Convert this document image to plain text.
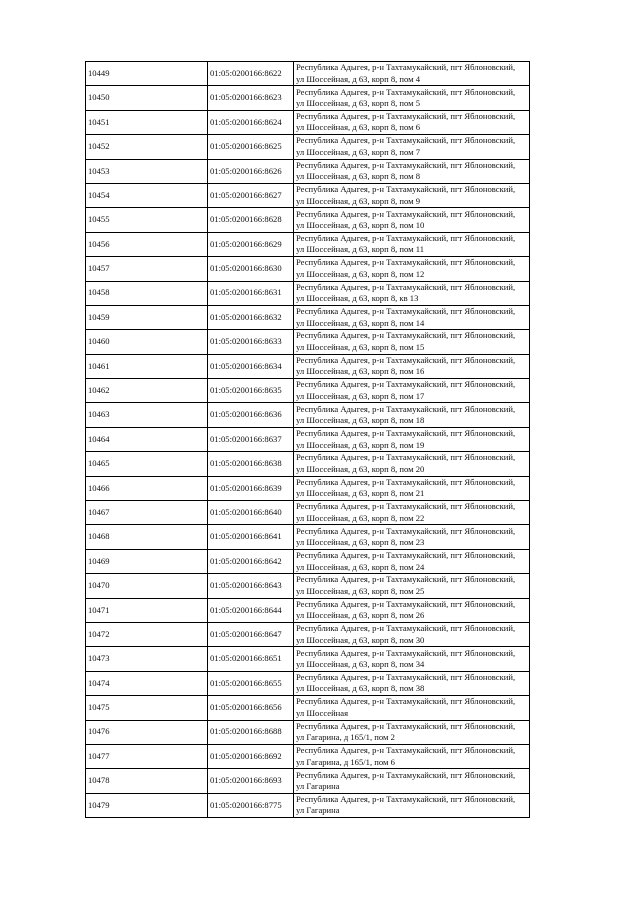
10449	01:05:0200166:8622	Республика Адыгея, р-н Тахтамукайский, пгт Яблоновский,
ул Шоссейная, д 63, корп 8, пом 4

10450	01:05:0200166:8623	Республика Адыгея, р-н Тахтамукайский, пгт Яблоновский,
ул Шоссейная, д 63, корп 8, пом 5

10451	01:05:0200166:8624	Республика Адыгея, р-н Тахтамукайский, пгт Яблоновский,
ул Шоссейная, д 63, корп 8, пом 6

10452	01:05:0200166:8625	Республика Адыгея, р-н Тахтамукайский, пгт Яблоновский,
ул Шоссейная, д 63, корп 8, пом 7

10453	01:05:0200166:8626	Республика Адыгея, р-н Тахтамукайский, пгт Яблоновский,
ул Шоссейная, д 63, корп 8, пом 8

10454	01:05:0200166:8627	Республика Адыгея, р-н Тахтамукайский, пгт Яблоновский,
ул Шоссейная, д 63, корп 8, пом 9

10455	01:05:0200166:8628	Республика Адыгея, р-н Тахтамукайский, пгт Яблоновский,
ул Шоссейная, д 63, корп 8, пом 10

10456	01:05:0200166:8629	Республика Адыгея, р-н Тахтамукайский, пгт Яблоновский,
ул Шоссейная, д 63, корп 8, пом 11

10457	01:05:0200166:8630	Республика Адыгея, р-н Тахтамукайский, пгт Яблоновский,
ул Шоссейная, д 63, корп 8, пом 12

10458	01:05:0200166:8631	Республика Адыгея, р-н Тахтамукайский, пгт Яблоновский,
ул Шоссейная, д 63, корп 8, кв 13

10459	01:05:0200166:8632	Республика Адыгея, р-н Тахтамукайский, пгт Яблоновский,
ул Шоссейная, д 63, корп 8, пом 14

10460	01:05:0200166:8633	Республика Адыгея, р-н Тахтамукайский, пгт Яблоновский,
ул Шоссейная, д 63, корп 8, пом 15

10461	01:05:0200166:8634	Республика Адыгея, р-н Тахтамукайский, пгт Яблоновский,
ул Шоссейная, д 63, корп 8, пом 16

10462	01:05:0200166:8635	Республика Адыгея, р-н Тахтамукайский, пгт Яблоновский,
ул Шоссейная, д 63, корп 8, пом 17

10463	01:05:0200166:8636	Республика Адыгея, р-н Тахтамукайский, пгт Яблоновский,
ул Шоссейная, д 63, корп 8, пом 18

10464	01:05:0200166:8637	Республика Адыгея, р-н Тахтамукайский, пгт Яблоновский,
ул Шоссейная, д 63, корп 8, пом 19

10465	01:05:0200166:8638	Республика Адыгея, р-н Тахтамукайский, пгт Яблоновский,
ул Шоссейная, д 63, корп 8, пом 20

10466	01:05:0200166:8639	Республика Адыгея, р-н Тахтамукайский, пгт Яблоновский,
ул Шоссейная, д 63, корп 8, пом 21

10467	01:05:0200166:8640	Республика Адыгея, р-н Тахтамукайский, пгт Яблоновский,
ул Шоссейная, д 63, корп 8, пом 22

10468	01:05:0200166:8641	Республика Адыгея, р-н Тахтамукайский, пгт Яблоновский,
ул Шоссейная, д 63, корп 8, пом 23

10469	01:05:0200166:8642	Республика Адыгея, р-н Тахтамукайский, пгт Яблоновский,
ул Шоссейная, д 63, корп 8, пом 24

10470	01:05:0200166:8643	Республика Адыгея, р-н Тахтамукайский, пгт Яблоновский,
ул Шоссейная, д 63, корп 8, пом 25

10471	01:05:0200166:8644	Республика Адыгея, р-н Тахтамукайский, пгт Яблоновский,
ул Шоссейная, д 63, корп 8, пом 26

10472	01:05:0200166:8647	Республика Адыгея, р-н Тахтамукайский, пгт Яблоновский,
ул Шоссейная, д 63, корп 8, пом 30

10473	01:05:0200166:8651	Республика Адыгея, р-н Тахтамукайский, пгт Яблоновский,
ул Шоссейная, д 63, корп 8, пом 34

10474	01:05:0200166:8655	Республика Адыгея, р-н Тахтамукайский, пгт Яблоновский,
ул Шоссейная, д 63, корп 8, пом 38

10475	01:05:0200166:8656	Республика Адыгея, р-н Тахтамукайский, пгт Яблоновский,
ул Шоссейная

10476	01:05:0200166:8688	Республика Адыгея, р-н Тахтамукайский, пгт Яблоновский,
ул Гагарина, д 165/1, пом 2

10477	01:05:0200166:8692	Республика Адыгея, р-н Тахтамукайский, пгт Яблоновский,
ул Гагарина, д 165/1, пом 6

10478	01:05:0200166:8693	Республика Адыгея, р-н Тахтамукайский, пгт Яблоновский,
ул Гагарина

10479	01:05:0200166:8775	Республика Адыгея, р-н Тахтамукайский, пгт Яблоновский,
ул Гагарина
